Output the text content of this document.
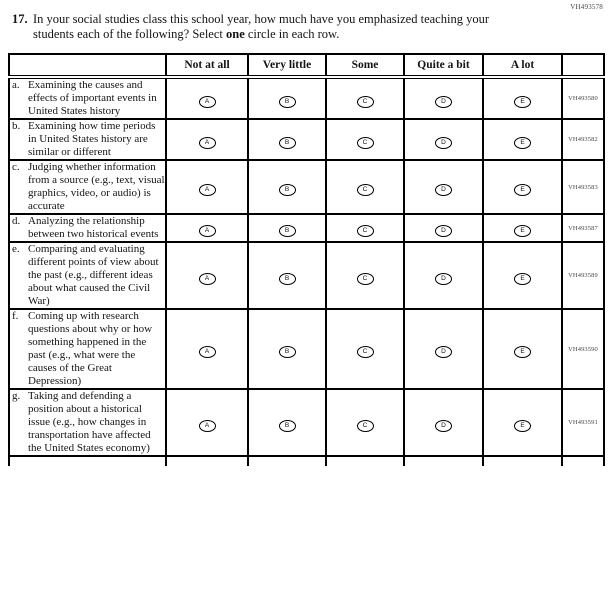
VH493578
17. In your social studies class this school year, how much have you emphasized teaching your students each of the following? Select one circle in each row.
	Not at all	Very little	Some	Quite a bit	A lot	

a. Examining the causes and effects of important events in United States history	A	B	C	D	E	VH493580

b. Examining how time periods in United States history are similar or different	A	B	C	D	E	VH493582

c. Judging whether information from a source (e.g., text, visual graphics, video, or audio) is accurate	A	B	C	D	E	VH493583

d. Analyzing the relationship between two historical events	A	B	C	D	E	VH493587

e. Comparing and evaluating different points of view about the past (e.g., different ideas about what caused the Civil War)	A	B	C	D	E	VH493589

f. Coming up with research questions about why or how something happened in the past (e.g., what were the causes of the Great Depression)	A	B	C	D	E	VH493590

g. Taking and defending a position about a historical issue (e.g., how changes in transportation have affected the United States economy)	A	B	C	D	E	VH493591
